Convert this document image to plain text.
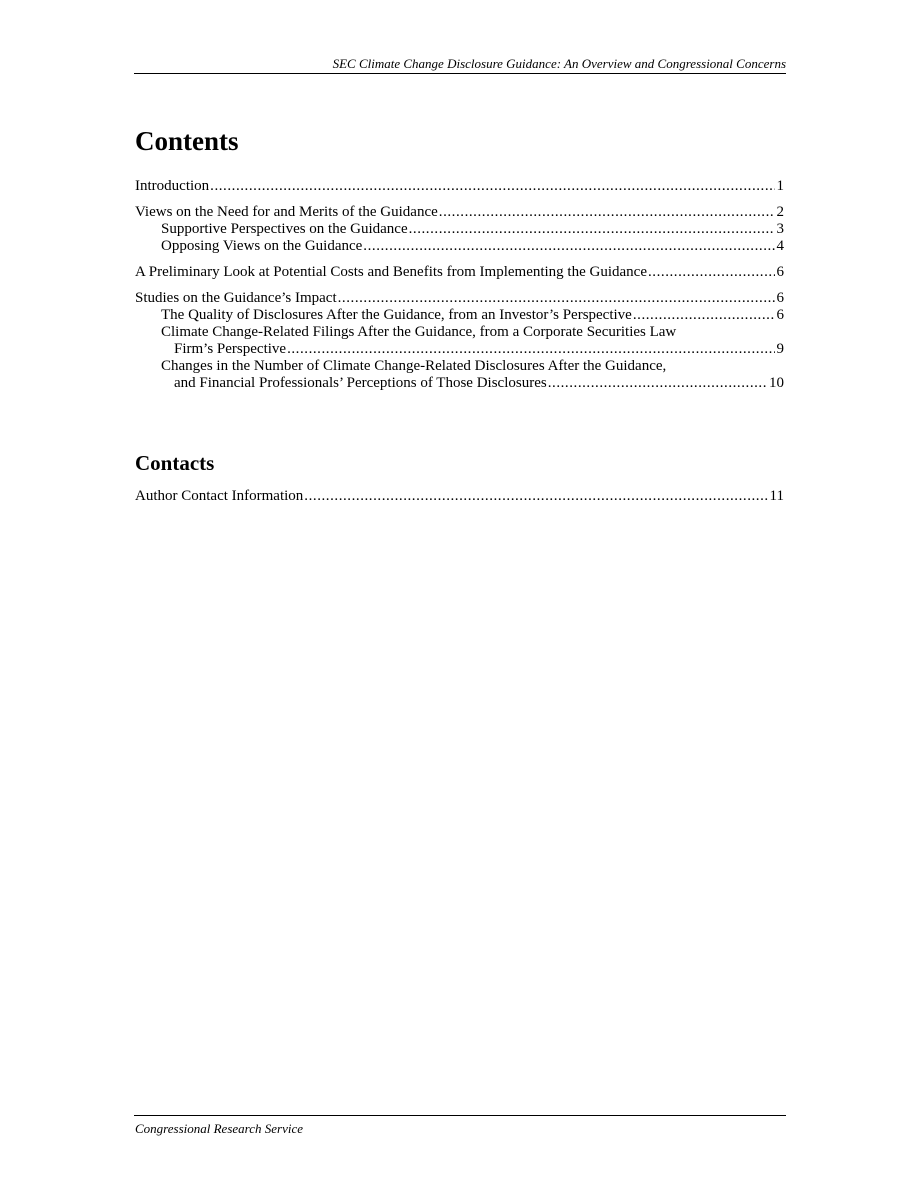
SEC Climate Change Disclosure Guidance: An Overview and Congressional Concerns
Contents
Introduction . . .	1
Views on the Need for and Merits of the Guidance . . .	2
Supportive Perspectives on the Guidance . . .	3
Opposing Views on the Guidance . . .	4
A Preliminary Look at Potential Costs and Benefits from Implementing the Guidance . . .	6
Studies on the Guidance’s Impact . . .	6
The Quality of Disclosures After the Guidance, from an Investor’s Perspective . . .	6
Climate Change-Related Filings After the Guidance, from a Corporate Securities Law
Firm’s Perspective . . .	9
Changes in the Number of Climate Change-Related Disclosures After the Guidance,
and Financial Professionals’ Perceptions of Those Disclosures . . .	10
Contacts
Author Contact Information . . .	11
Congressional Research Service
